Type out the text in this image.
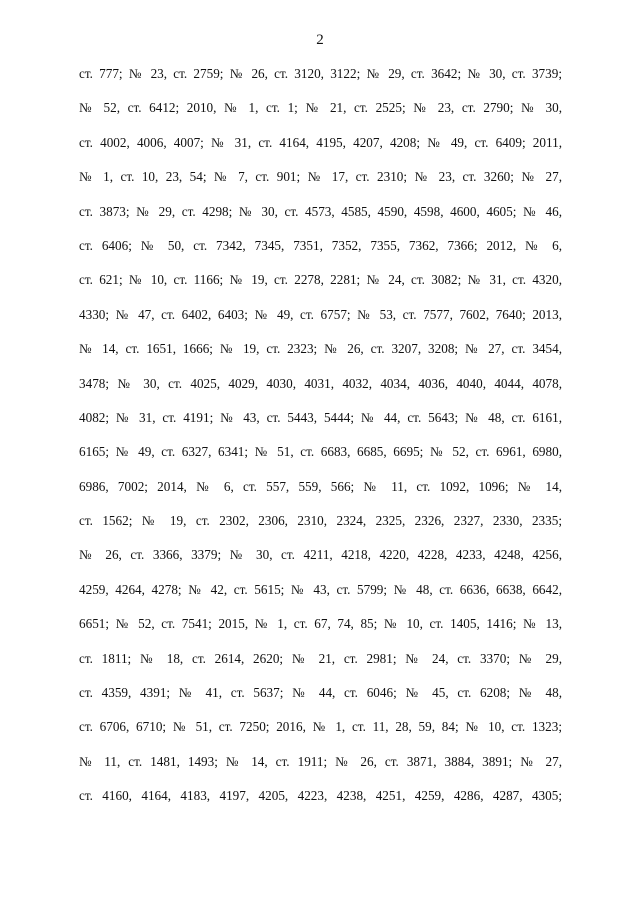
2
ст. 777; № 23, ст. 2759; № 26, ст. 3120, 3122; № 29, ст. 3642; № 30, ст. 3739;
№ 52, ст. 6412; 2010, № 1, ст. 1; № 21, ст. 2525; № 23, ст. 2790; № 30,
ст. 4002, 4006, 4007; № 31, ст. 4164, 4195, 4207, 4208; № 49, ст. 6409; 2011,
№ 1, ст. 10, 23, 54; № 7, ст. 901; № 17, ст. 2310; № 23, ст. 3260; № 27,
ст. 3873; № 29, ст. 4298; № 30, ст. 4573, 4585, 4590, 4598, 4600, 4605; № 46,
ст. 6406; № 50, ст. 7342, 7345, 7351, 7352, 7355, 7362, 7366; 2012, № 6,
ст. 621; № 10, ст. 1166; № 19, ст. 2278, 2281; № 24, ст. 3082; № 31, ст. 4320,
4330; № 47, ст. 6402, 6403; № 49, ст. 6757; № 53, ст. 7577, 7602, 7640; 2013,
№ 14, ст. 1651, 1666; № 19, ст. 2323; № 26, ст. 3207, 3208; № 27, ст. 3454,
3478; № 30, ст. 4025, 4029, 4030, 4031, 4032, 4034, 4036, 4040, 4044, 4078,
4082; № 31, ст. 4191; № 43, ст. 5443, 5444; № 44, ст. 5643; № 48, ст. 6161,
6165; № 49, ст. 6327, 6341; № 51, ст. 6683, 6685, 6695; № 52, ст. 6961, 6980,
6986, 7002; 2014, № 6, ст. 557, 559, 566; № 11, ст. 1092, 1096; № 14,
ст. 1562; № 19, ст. 2302, 2306, 2310, 2324, 2325, 2326, 2327, 2330, 2335;
№ 26, ст. 3366, 3379; № 30, ст. 4211, 4218, 4220, 4228, 4233, 4248, 4256,
4259, 4264, 4278; № 42, ст. 5615; № 43, ст. 5799; № 48, ст. 6636, 6638, 6642,
6651; № 52, ст. 7541; 2015, № 1, ст. 67, 74, 85; № 10, ст. 1405, 1416; № 13,
ст. 1811; № 18, ст. 2614, 2620; № 21, ст. 2981; № 24, ст. 3370; № 29,
ст. 4359, 4391; № 41, ст. 5637; № 44, ст. 6046; № 45, ст. 6208; № 48,
ст. 6706, 6710; № 51, ст. 7250; 2016, № 1, ст. 11, 28, 59, 84; № 10, ст. 1323;
№ 11, ст. 1481, 1493; № 14, ст. 1911; № 26, ст. 3871, 3884, 3891; № 27,
ст. 4160, 4164, 4183, 4197, 4205, 4223, 4238, 4251, 4259, 4286, 4287, 4305;
